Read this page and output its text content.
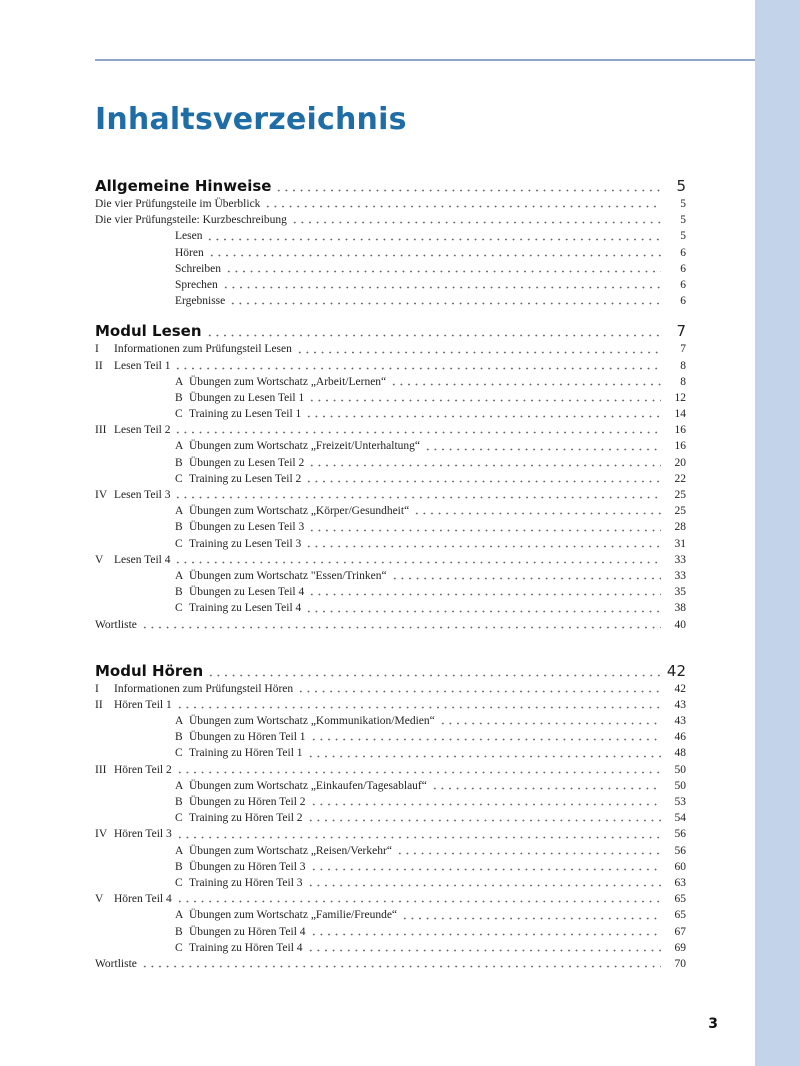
Inhaltsverzeichnis
Allgemeine Hinweise	5
Die vier Prüfungsteile im Überblick	5
Die vier Prüfungsteile: Kurzbeschreibung	5
Lesen	5
Hören	6
Schreiben	6
Sprechen	6
Ergebnisse	6
Modul Lesen	7
I	Informationen zum Prüfungsteil Lesen	7
II Lesen Teil 1	8
A Übungen zum Wortschatz „Arbeit/Lernen“	8
B Übungen zu Lesen Teil 1	12
C Training zu Lesen Teil 1	14
III Lesen Teil 2	16
A Übungen zum Wortschatz „Freizeit/Unterhaltung“	16
B Übungen zu Lesen Teil 2	20
C Training zu Lesen Teil 2	22
IV Lesen Teil 3	25
A Übungen zum Wortschatz „Körper/Gesundheit“	25
B Übungen zu Lesen Teil 3	28
C Training zu Lesen Teil 3	31
V Lesen Teil 4	33
A Übungen zum Wortschatz "Essen/Trinken“	33
B Übungen zu Lesen Teil 4	35
C Training zu Lesen Teil 4	38
Wortliste	40
Modul Hören	42
I	Informationen zum Prüfungsteil Hören	42
II Hören Teil 1	43
A Übungen zum Wortschatz „Kommunikation/Medien“	43
B Übungen zu Hören Teil 1	46
C Training zu Hören Teil 1	48
III Hören Teil 2	50
A Übungen zum Wortschatz „Einkaufen/Tagesablauf“	50
B Übungen zu Hören Teil 2	53
C Training zu Hören Teil 2	54
IV Hören Teil 3	56
A Übungen zum Wortschatz „Reisen/Verkehr“	56
B Übungen zu Hören Teil 3	60
C Training zu Hören Teil 3	63
V Hören Teil 4	65
A Übungen zum Wortschatz „Familie/Freunde“	65
B Übungen zu Hören Teil 4	67
C Training zu Hören Teil 4	69
Wortliste	70
3
